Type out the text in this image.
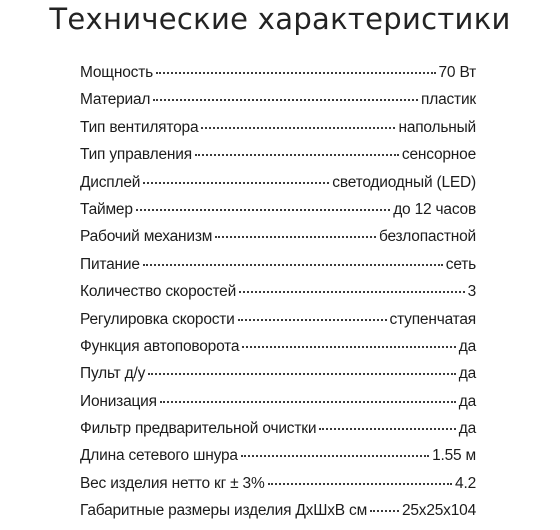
Технические характеристики
Мощность	70 Вт
Материал	пластик
Тип вентилятора	напольный
Тип управления	сенсорное
Дисплей	светодиодный (LED)
Таймер	до 12 часов
Рабочий механизм	безлопастной
Питание	сеть
Количество скоростей	3
Регулировка скорости	ступенчатая
Функция автоповорота	да
Пульт д/у	да
Ионизация	да
Фильтр предварительной очистки	да
Длина сетевого шнура	1.55 м
Вес изделия нетто кг ± 3%	4.2
Габаритные размеры изделия ДхШхВ см 25х25х104
